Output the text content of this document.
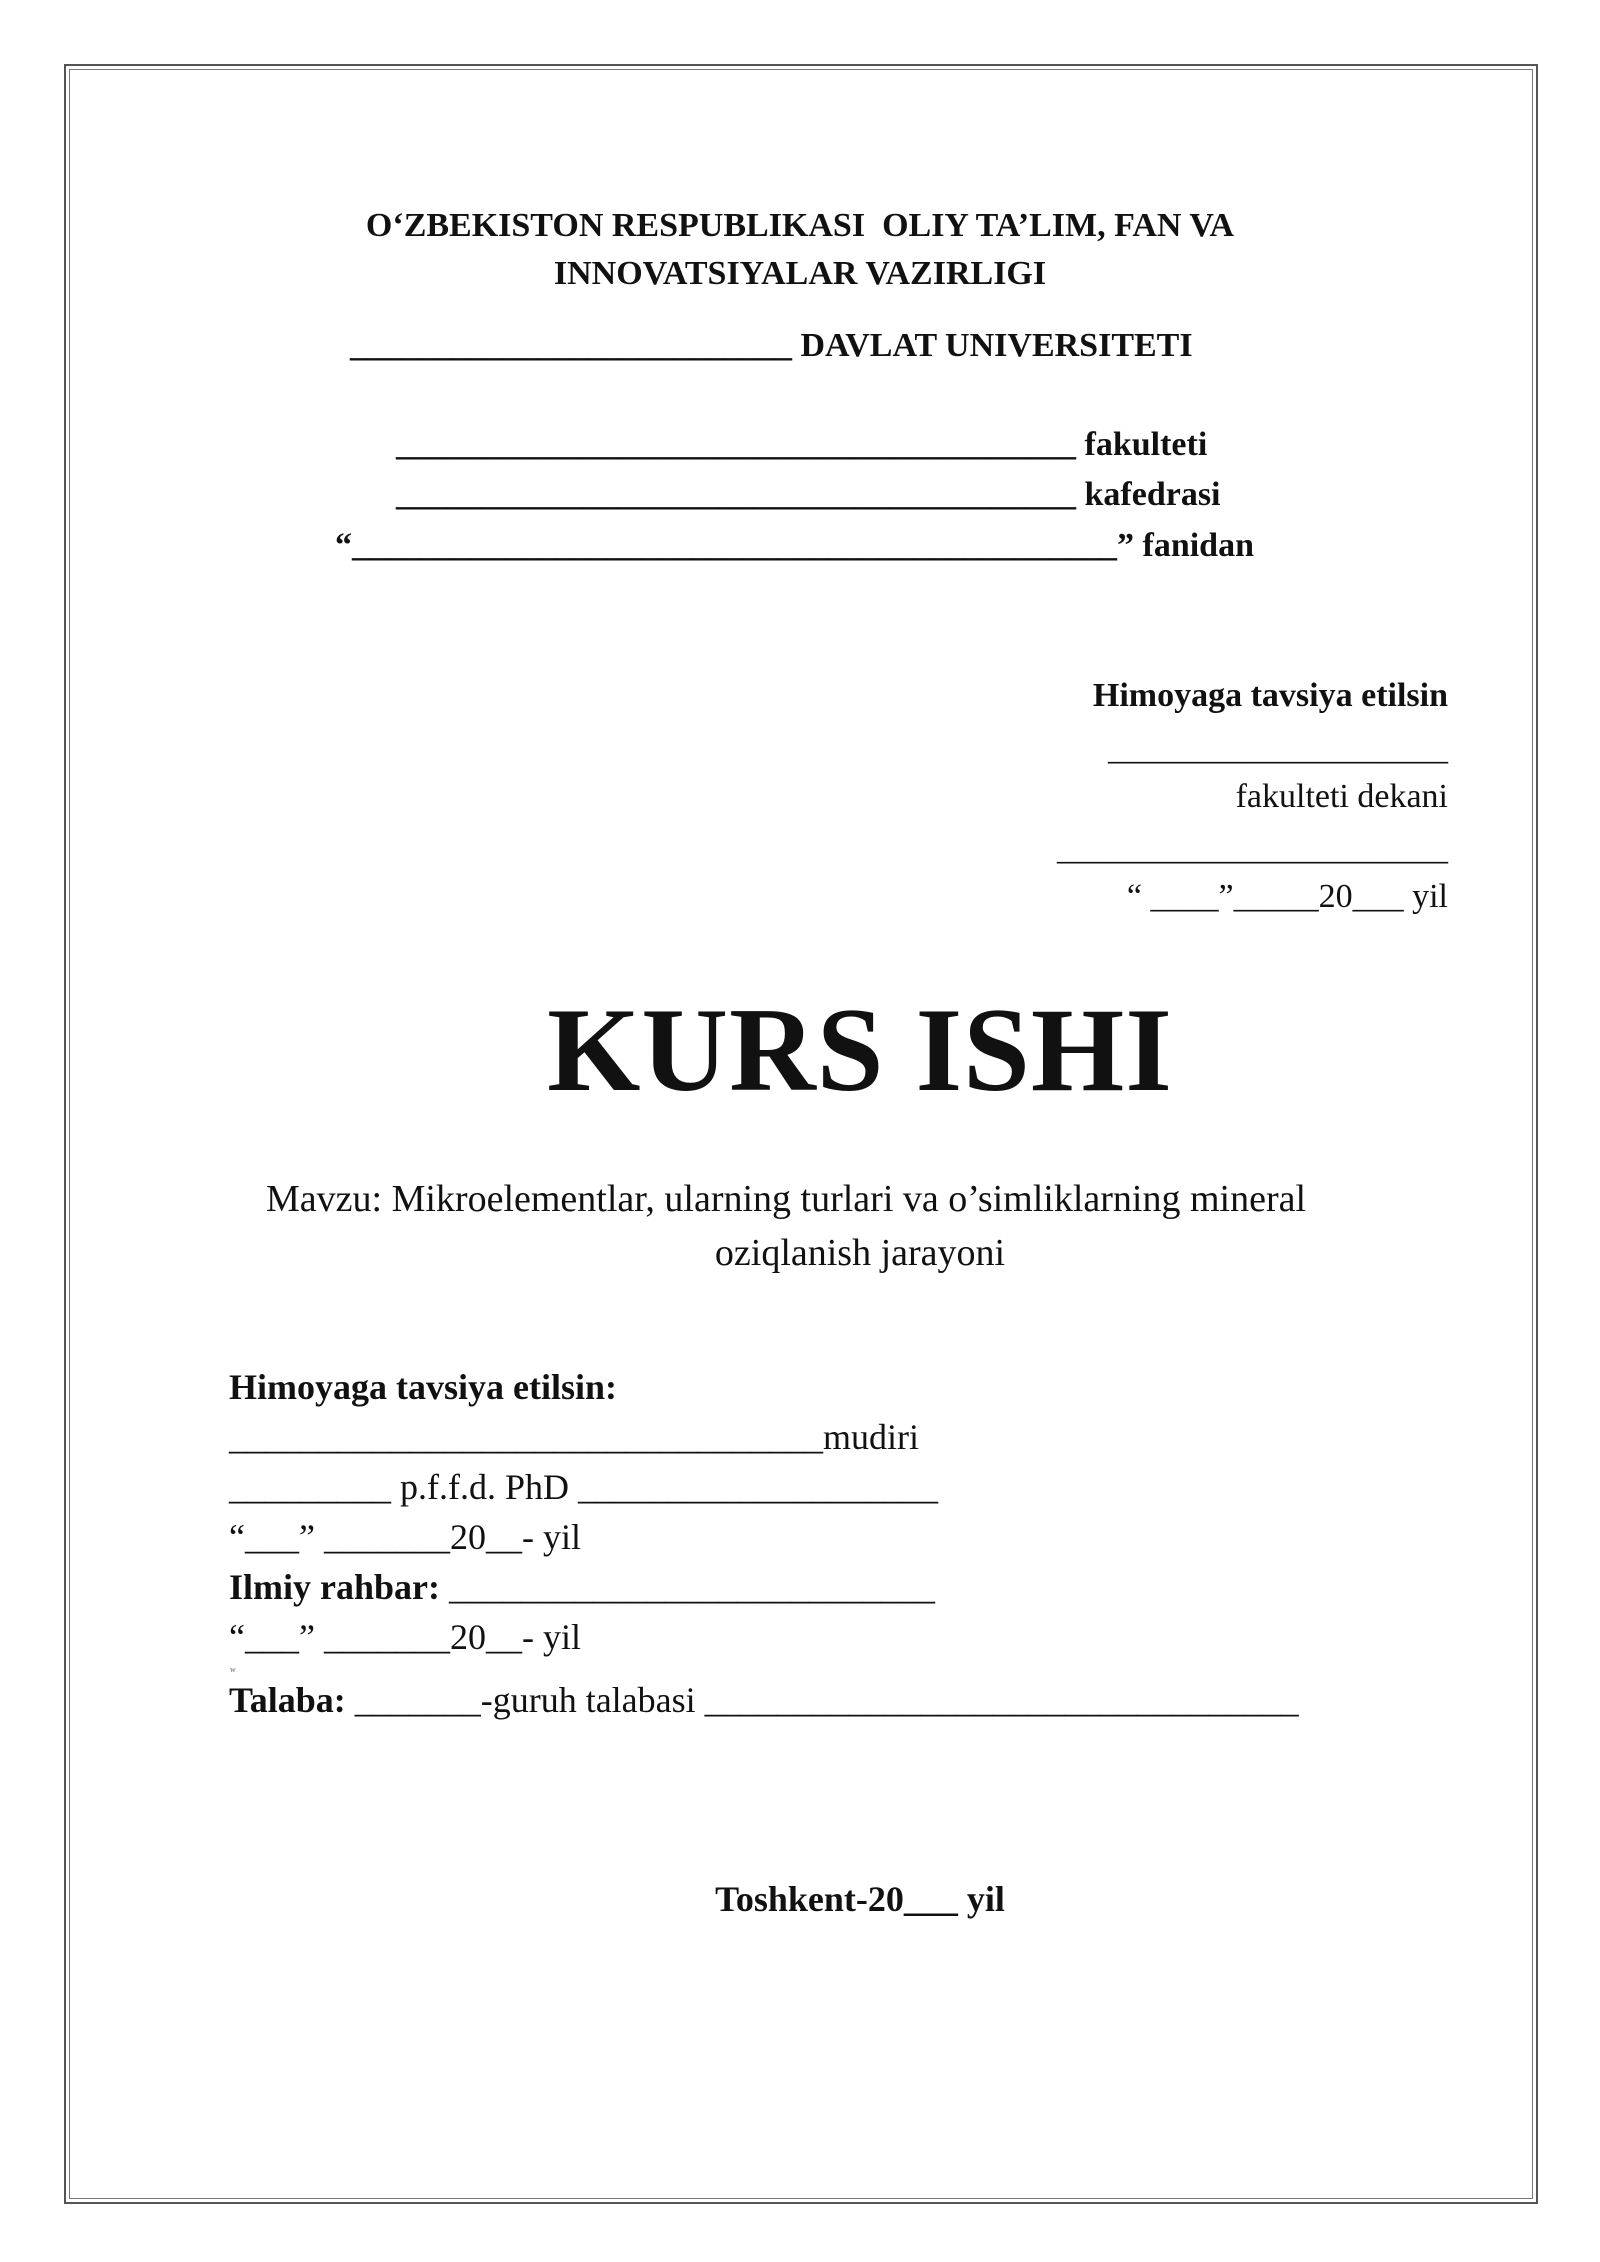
O‘ZBEKISTON RESPUBLIKASI  OLIY TA’LIM, FAN VA
INNOVATSIYALAR VAZIRLIGI
__________________________ DAVLAT UNIVERSITETI
________________________________________ fakulteti
________________________________________ kafedrasi
“_____________________________________________” fanidan
Himoyaga tavsiya etilsin
____________________
fakulteti dekani
_______________________
“ ____”_____20___ yil
KURS ISHI
Mavzu: Mikroelementlar, ularning turlari va o’simliklarning mineral
oziqlanish jarayoni
Himoyaga tavsiya etilsin:
_________________________________mudiri
_________ p.f.f.d. PhD ____________________
“___” _______20__- yil
Ilmiy rahbar: ___________________________
“___” _______20__- yil
w
Talaba: _______-guruh talabasi _________________________________
Toshkent-20___ yil
